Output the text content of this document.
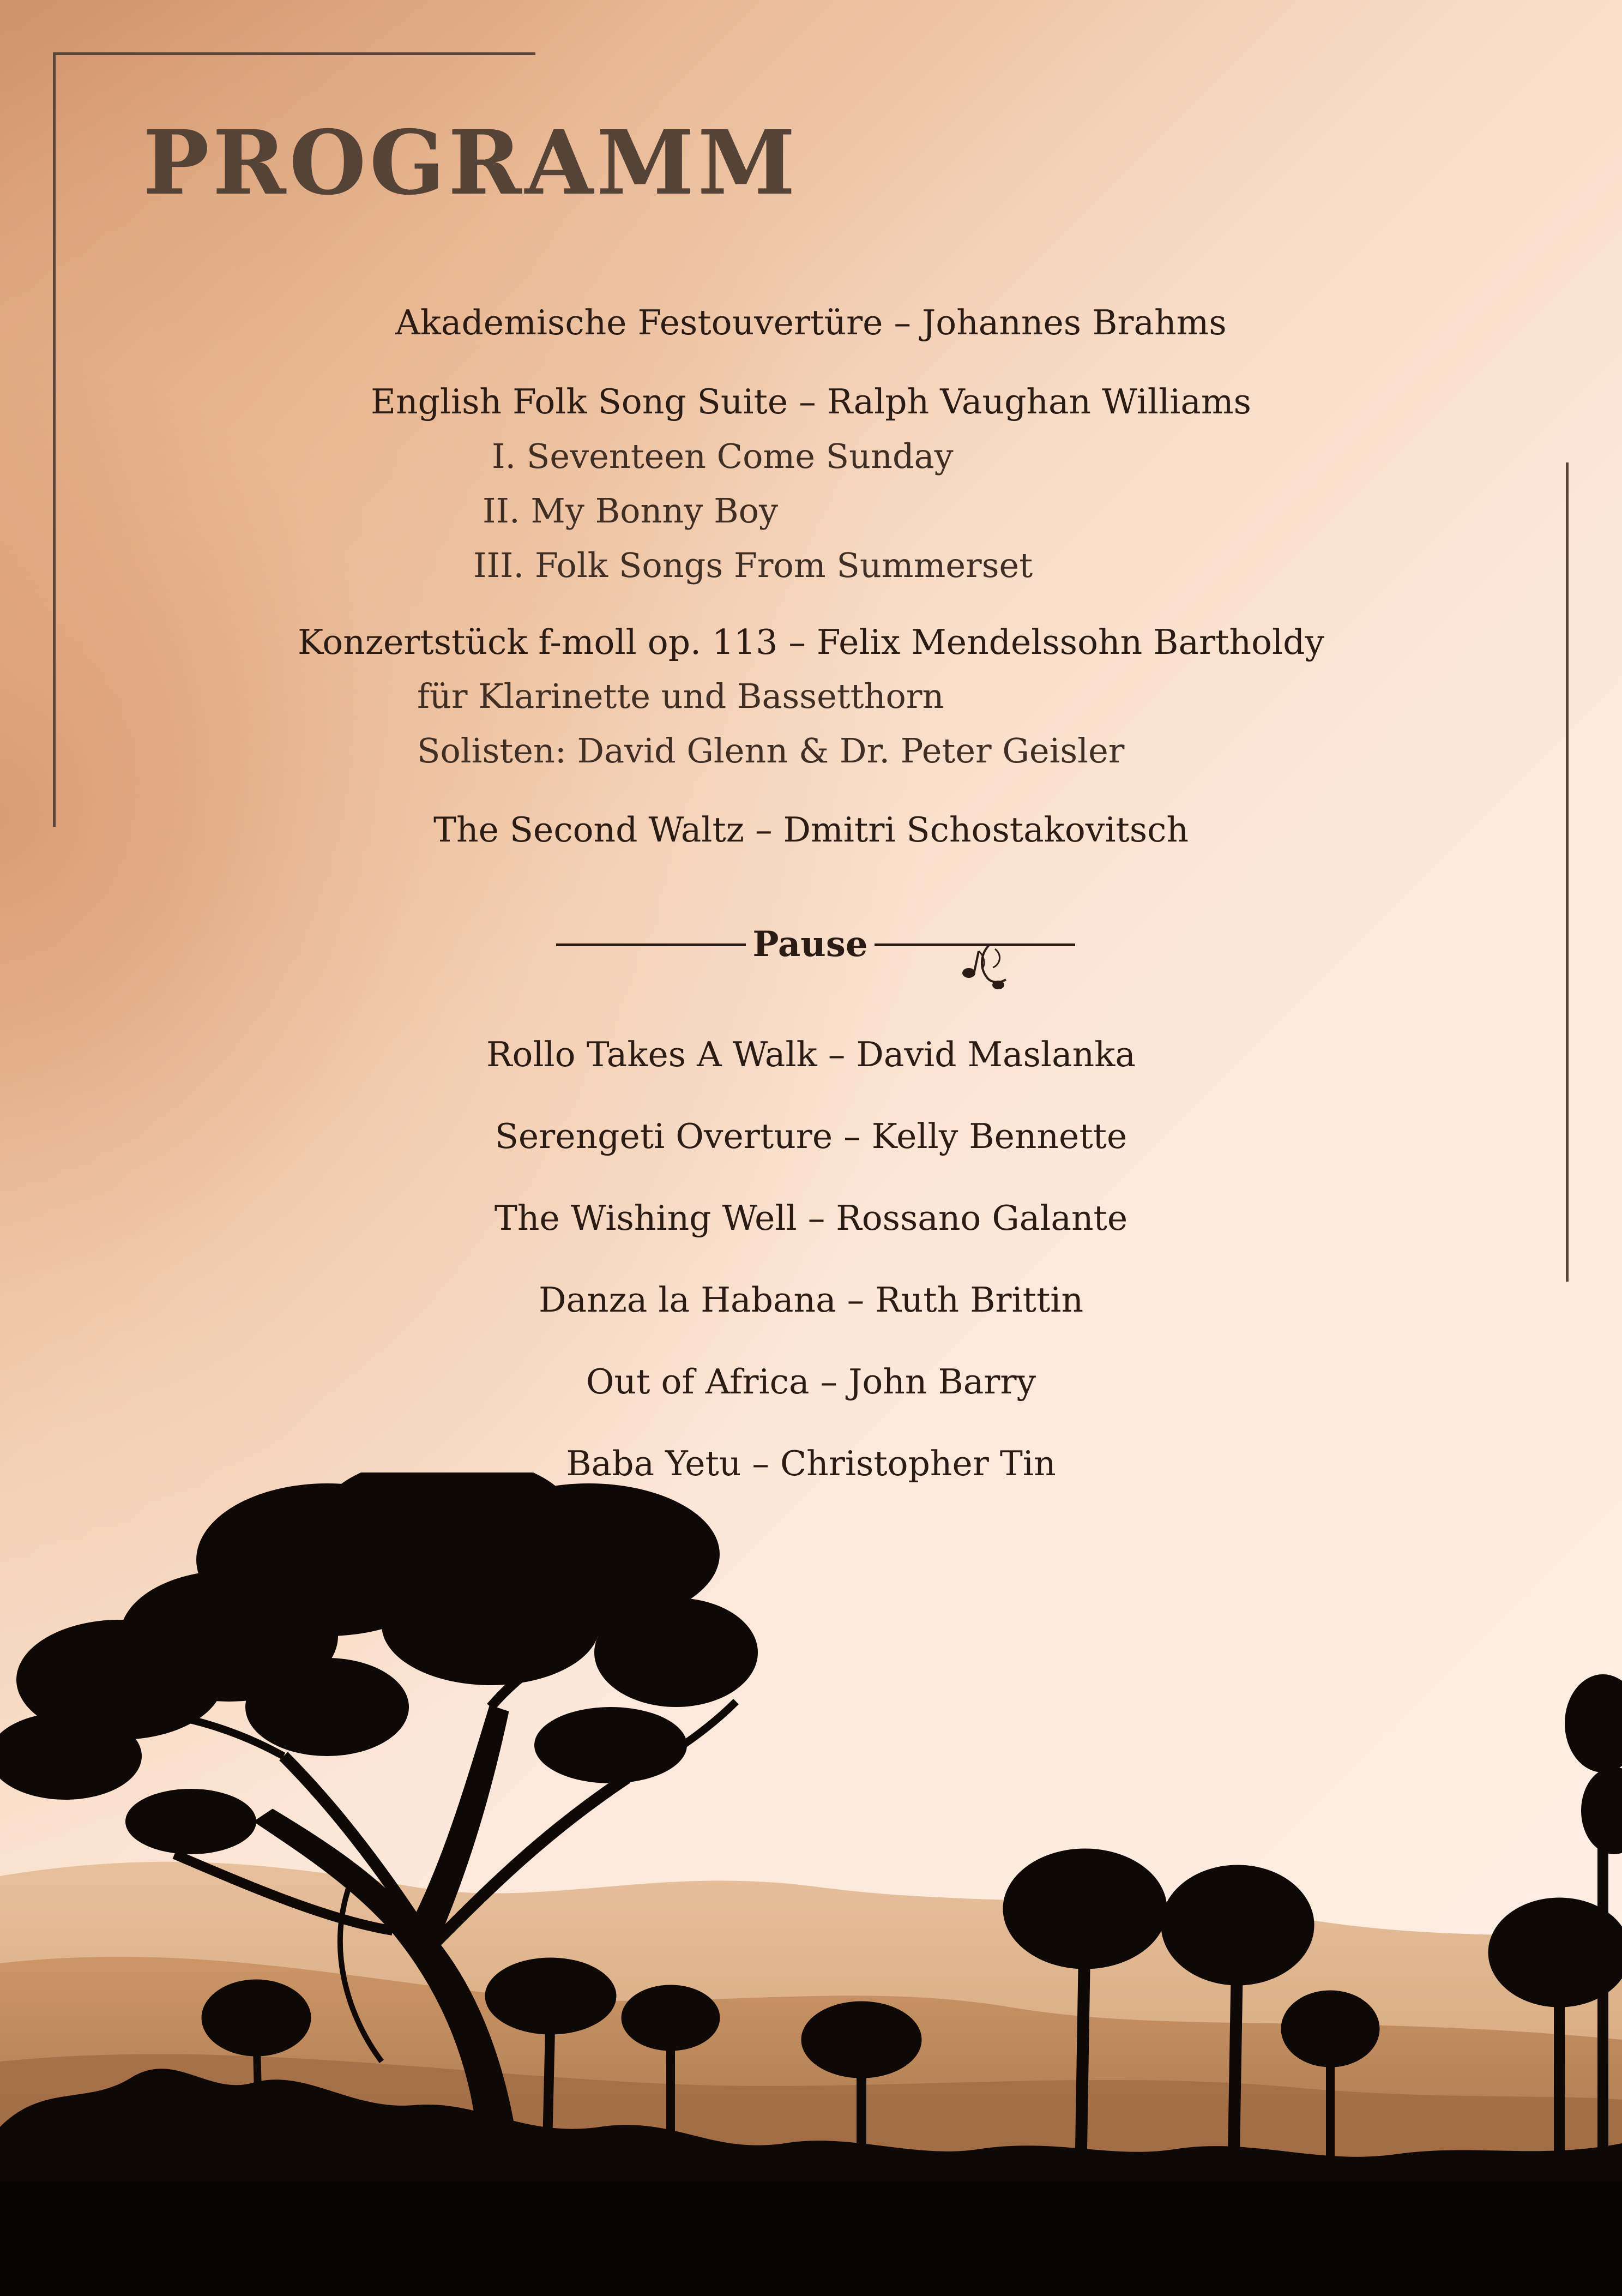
PROGRAMM
Akademische Festouvertüre – Johannes Brahms
English Folk Song Suite – Ralph Vaughan Williams
I. Seventeen Come Sunday
II. My Bonny Boy
III. Folk Songs From Summerset
Konzertstück f-moll op. 113 – Felix Mendelssohn Bartholdy
für Klarinette und Bassetthorn
Solisten: David Glenn & Dr. Peter Geisler
The Second Waltz – Dmitri Schostakovitsch
Pause
Rollo Takes A Walk – David Maslanka
Serengeti Overture – Kelly Bennette
The Wishing Well – Rossano Galante
Danza la Habana – Ruth Brittin
Out of Africa – John Barry
Baba Yetu – Christopher Tin
